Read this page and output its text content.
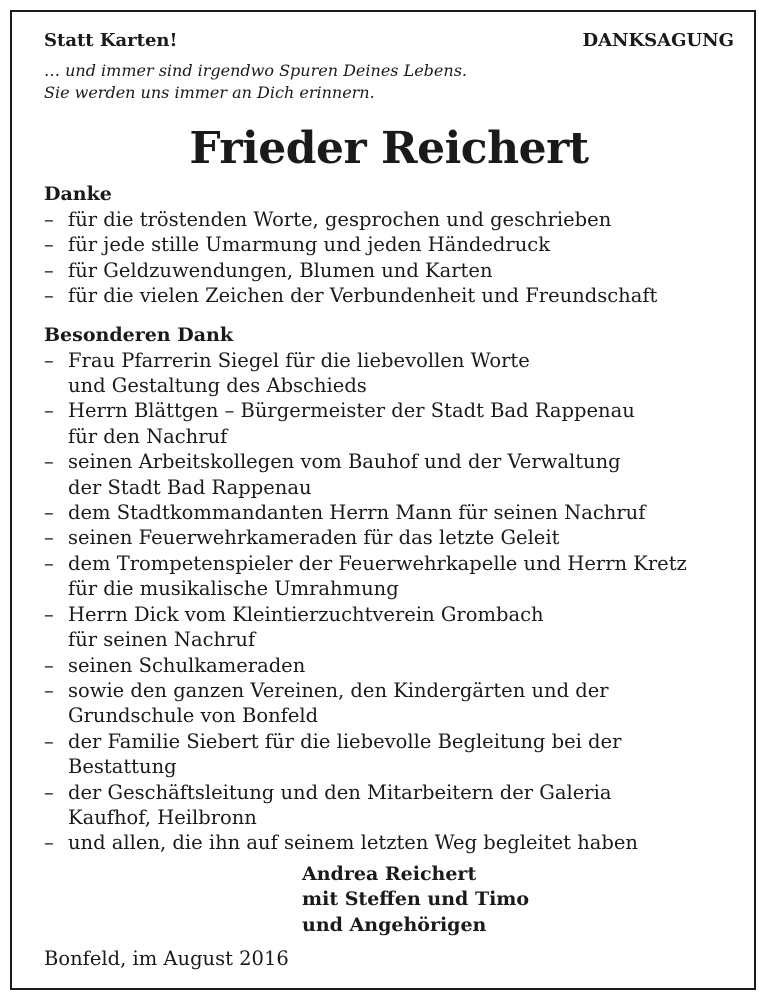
Statt Karten!	DANKSAGUNG
… und immer sind irgendwo Spuren Deines Lebens.
Sie werden uns immer an Dich erinnern.
Frieder Reichert
Danke
– für die tröstenden Worte, gesprochen und geschrieben
– für jede stille Umarmung und jeden Händedruck
– für Geldzuwendungen, Blumen und Karten
– für die vielen Zeichen der Verbundenheit und Freundschaft
Besonderen Dank
– Frau Pfarrerin Siegel für die liebevollen Worte
und Gestaltung des Abschieds
– Herrn Blättgen – Bürgermeister der Stadt Bad Rappenau
für den Nachruf
– seinen Arbeitskollegen vom Bauhof und der Verwaltung
der Stadt Bad Rappenau
– dem Stadtkommandanten Herrn Mann für seinen Nachruf
– seinen Feuerwehrkameraden für das letzte Geleit
– dem Trompetenspieler der Feuerwehrkapelle und Herrn Kretz
für die musikalische Umrahmung
– Herrn Dick vom Kleintierzuchtverein Grombach
für seinen Nachruf
– seinen Schulkameraden
– sowie den ganzen Vereinen, den Kindergärten und der
Grundschule von Bonfeld
– der Familie Siebert für die liebevolle Begleitung bei der
Bestattung
– der Geschäftsleitung und den Mitarbeitern der Galeria
Kaufhof, Heilbronn
– und allen, die ihn auf seinem letzten Weg begleitet haben
Andrea Reichert
mit Steffen und Timo
und Angehörigen
Bonfeld, im August 2016
